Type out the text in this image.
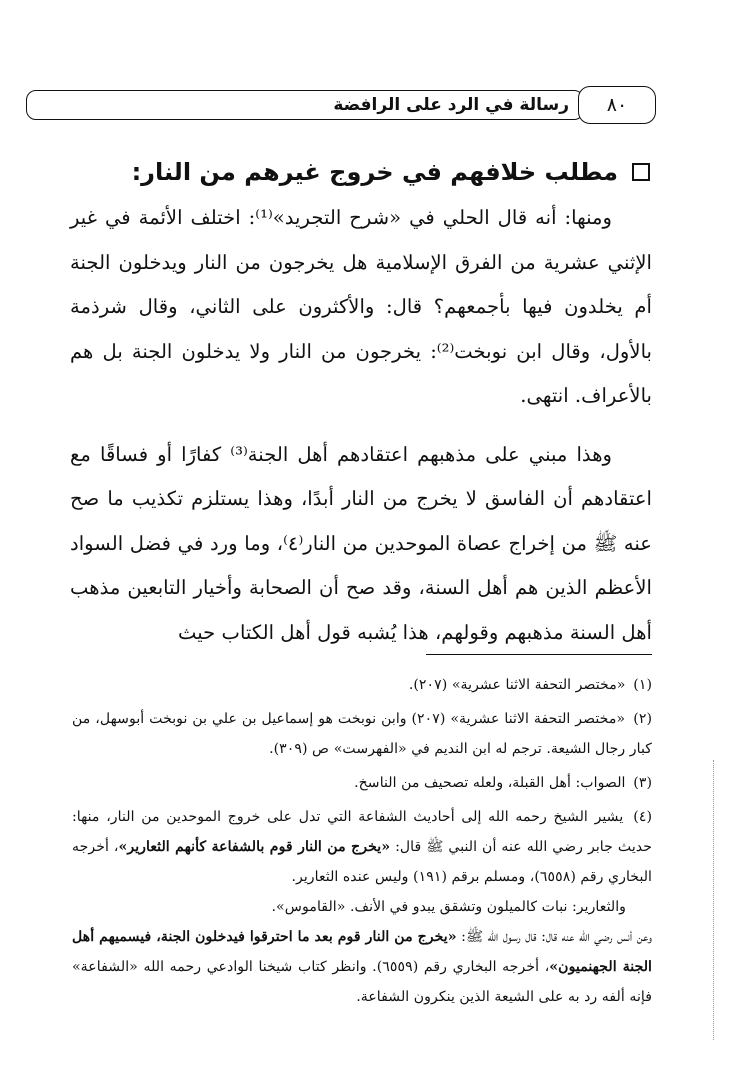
رسالة في الرد على الرافضة ٨٠
مطلب خلافهم في خروج غيرهم من النار:

ومنها: أنه قال الحلي في «شرح التجريد»⁽¹⁾: اختلف الأئمة في غير الإثني عشرية من الفرق الإسلامية هل يخرجون من النار ويدخلون الجنة أم يخلدون فيها بأجمعهم؟ قال: والأكثرون على الثاني، وقال شرذمة بالأول، وقال ابن نوبخت⁽²⁾: يخرجون من النار ولا يدخلون الجنة بل هم بالأعراف. انتهى.

وهذا مبني على مذهبهم اعتقادهم أهل الجنة⁽³⁾ كفارًا أو فساقًا مع اعتقادهم أن الفاسق لا يخرج من النار أبدًا، وهذا يستلزم تكذيب ما صح عنه ﷺ من إخراج عصاة الموحدين من النار⁽٤⁾، وما ورد في فضل السواد الأعظم الذين هم أهل السنة، وقد صح أن الصحابة وأخيار التابعين مذهب أهل السنة مذهبهم وقولهم، هذا يُشبه قول أهل الكتاب حيث

(١) «مختصر التحفة الاثنا عشرية» (٢٠٧).

(٢) «مختصر التحفة الاثنا عشرية» (٢٠٧) وابن نوبخت هو إسماعيل بن علي بن نوبخت أبوسهل، من كبار رجال الشيعة. ترجم له ابن النديم في «الفهرست» ص (٣٠٩).

(٣) الصواب: أهل القبلة، ولعله تصحيف من الناسخ.

(٤) يشير الشيخ رحمه الله إلى أحاديث الشفاعة التي تدل على خروج الموحدين من النار، منها: حديث جابر رضي الله عنه أن النبي ﷺ قال: «يخرج من النار قوم بالشفاعة كأنهم الثعارير»، أخرجه البخاري رقم (٦٥٥٨)، ومسلم برقم (١٩١) وليس عنده الثعارير.

والثعارير: نبات كالميلون وتشقق يبدو في الأنف. «القاموس».

وعن أنس رضي الله عنه قال: قال رسول الله ﷺ: «يخرج من النار قوم بعد ما احترقوا فيدخلون الجنة، فيسميهم أهل الجنة الجهنميون»، أخرجه البخاري رقم (٦٥٥٩). وانظر كتاب شيخنا الوادعي رحمه الله «الشفاعة» فإنه ألفه رد به على الشيعة الذين ينكرون الشفاعة.
